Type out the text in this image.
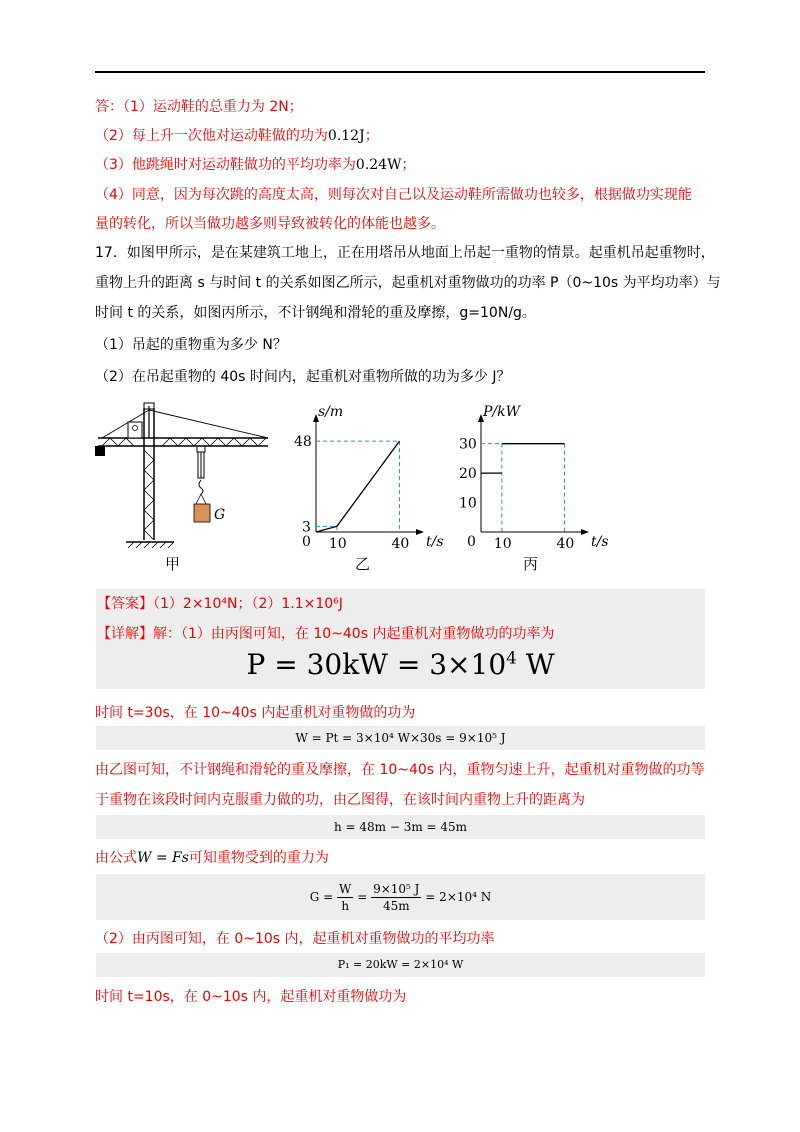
答：（1）运动鞋的总重力为 2N；
（2）每上升一次他对运动鞋做的功为0.12J；
（3）他跳绳时对运动鞋做功的平均功率为0.24W；
（4）同意，因为每次跳的高度太高，则每次对自己以及运动鞋所需做功也较多，根据做功实现能
量的转化，所以当做功越多则导致被转化的体能也越多。
17．如图甲所示，是在某建筑工地上，正在用塔吊从地面上吊起一重物的情景。起重机吊起重物时，
重物上升的距离 s 与时间 t 的关系如图乙所示，起重机对重物做功的功率 P（0~10s 为平均功率）与
时间 t 的关系，如图丙所示，不计钢绳和滑轮的重及摩擦，g=10N/g。
（1）吊起的重物重为多少 N？
（2）在吊起重物的 40s 时间内，起重机对重物所做的功为多少 J？
G
甲
t/s
s/m
0 10	40
3
48
乙
t/s
P/kW
0 10	40
10
20
30
丙
【答案】（1）2×10⁴N；（2）1.1×10⁶J
【详解】解：（1）由丙图可知，在 10~40s 内起重机对重物做功的功率为
$P = 30kW = 3\times 10^4$ W
时间 t=30s，在 10~40s 内起重机对重物做的功为
W = Pt = 3×10⁴ W×30s = 9×10⁵ J
由乙图可知，不计钢绳和滑轮的重及摩擦，在 10~40s 内，重物匀速上升，起重机对重物做的功等
于重物在该段时间内克服重力做的功，由乙图得，在该时间内重物上升的距离为
h = 48m − 3m = 45m
由公式W = Fs可知重物受到的重力为
$G = \frac{W}{h} = \frac{\text{9×10⁵ J}}{45m} = 2\times 10^4$ N
（2）由丙图可知，在 0~10s 内，起重机对重物做功的平均功率
P₁ = 20kW = 2×10⁴ W
时间 t=10s，在 0~10s 内，起重机对重物做功为
